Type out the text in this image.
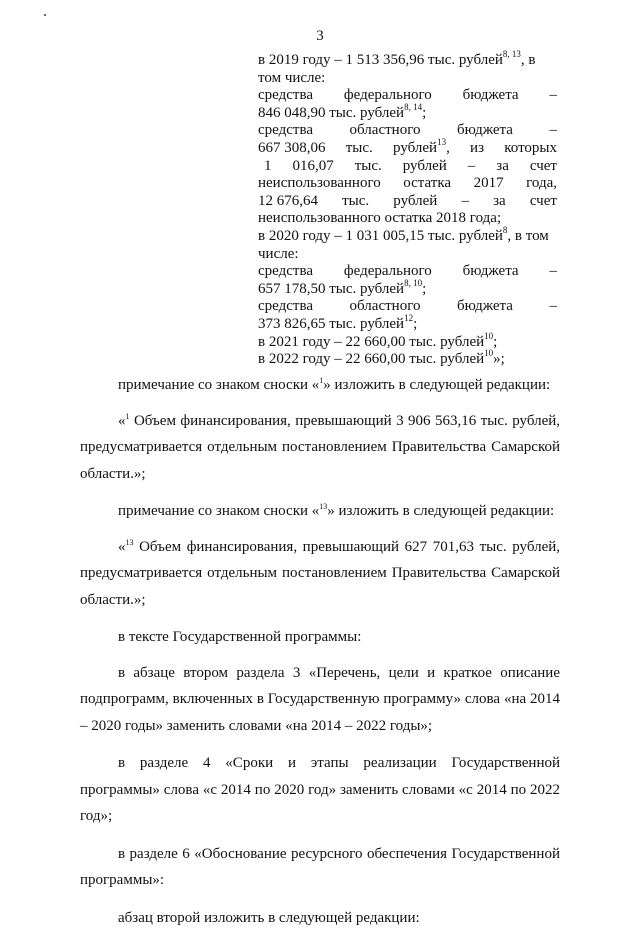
3
в 2019 году – 1 513 356,96 тыс. рублей$^{8, 13}$, в
том числе:
средства федерального бюджета –
846 048,90 тыс. рублей$^{8, 14}$;
средства областного бюджета –
667 308,06 тыс. рублей$^{13}$, из которых
1 016,07 тыс. рублей – за счет
неиспользованного остатка 2017 года,
12 676,64 тыс. рублей – за счет
неиспользованного остатка 2018 года;
в 2020 году – 1 031 005,15 тыс. рублей$^8$, в том
числе:
средства федерального бюджета –
657 178,50 тыс. рублей$^{8, 10}$;
средства областного бюджета –
373 826,65 тыс. рублей$^{12}$;
в 2021 году – 22 660,00 тыс. рублей$^{10}$;
в 2022 году – 22 660,00 тыс. рублей$^{10}$»;

примечание со знаком сноски «$^1$» изложить в следующей редакции:

«$^1$ Объем финансирования, превышающий 3 906 563,16 тыс. рублей, предусматривается отдельным постановлением Правительства Самарской области.»;

примечание со знаком сноски «$^{13}$» изложить в следующей редакции:

«$^{13}$ Объем финансирования, превышающий 627 701,63 тыс. рублей, предусматривается отдельным постановлением Правительства Самарской области.»;

в тексте Государственной программы:

в абзаце втором раздела 3 «Перечень, цели и краткое описание подпрограмм, включенных в Государственную программу» слова «на 2014 – 2020 годы» заменить словами «на 2014 – 2022 годы»;

в разделе 4 «Сроки и этапы реализации Государственной программы» слова «с 2014 по 2020 год» заменить словами «с 2014 по 2022 год»;

в разделе 6 «Обоснование ресурсного обеспечения Государственной программы»:

абзац второй изложить в следующей редакции:
